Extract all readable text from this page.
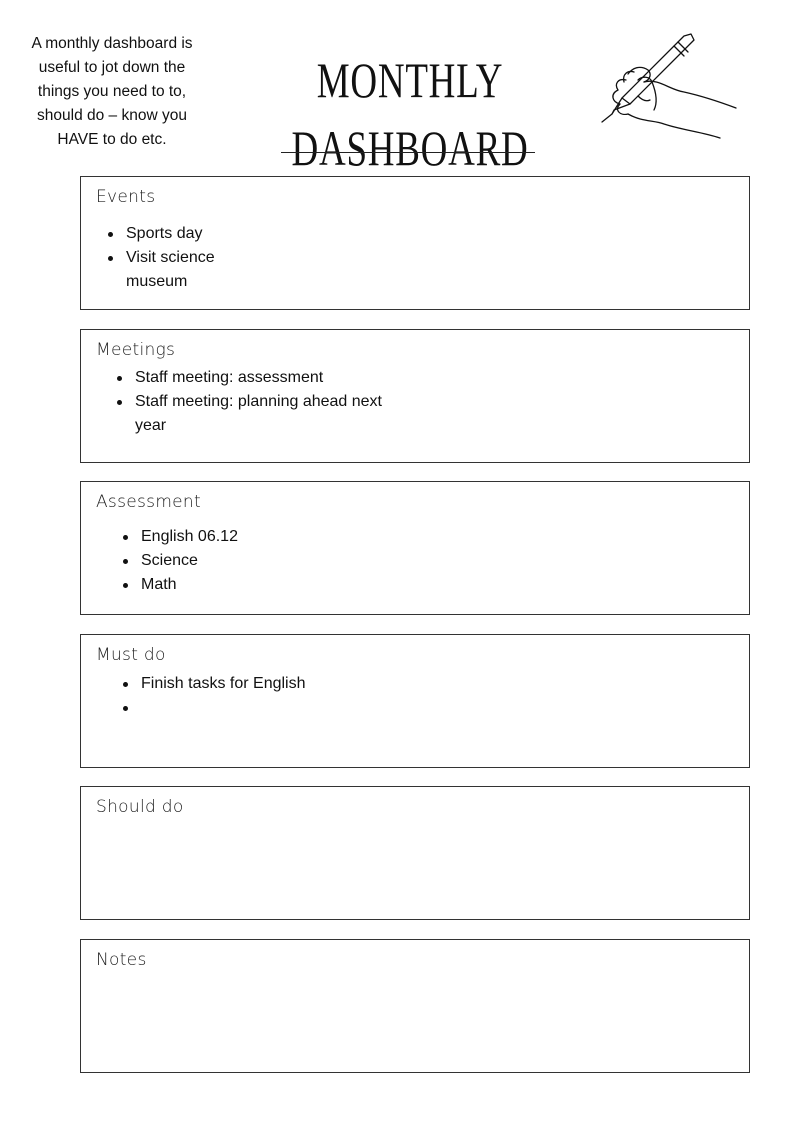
A monthly dashboard is
useful to jot down the
things you need to to,
should do – know you
HAVE to do etc.
MONTHLY DASHBOARD
Events
Sports day
Visit science
museum
Meetings
Staff meeting: assessment
Staff meeting: planning ahead next
year
Assessment
English 06.12
Science
Math
Must do
Finish tasks for English
Should do
Notes
